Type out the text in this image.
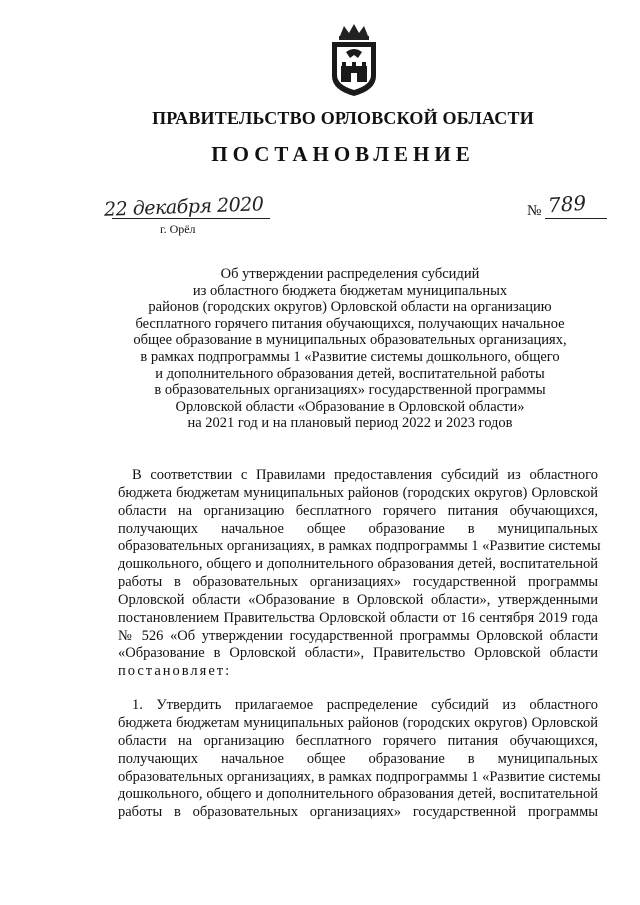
ПРАВИТЕЛЬСТВО ОРЛОВСКОЙ ОБЛАСТИ
ПОСТАНОВЛЕНИЕ
22 декабря 2020
г. Орёл
№ 789
Об утверждении распределения субсидий
из областного бюджета бюджетам муниципальных
районов (городских округов) Орловской области на организацию
бесплатного горячего питания обучающихся, получающих начальное
общее образование в муниципальных образовательных организациях,
в рамках подпрограммы 1 «Развитие системы дошкольного, общего
и дополнительного образования детей, воспитательной работы
в образовательных организациях» государственной программы
Орловской области «Образование в Орловской области»
на 2021 год и на плановый период 2022 и 2023 годов
В соответствии с Правилами предоставления субсидий из областного
бюджета бюджетам муниципальных районов (городских округов) Орловской
области на организацию бесплатного горячего питания обучающихся,
получающих начальное общее образование в муниципальных
образовательных организациях, в рамках подпрограммы 1 «Развитие системы
дошкольного, общего и дополнительного образования детей, воспитательной
работы в образовательных организациях» государственной программы
Орловской области «Образование в Орловской области», утвержденными
постановлением Правительства Орловской области от 16 сентября 2019 года
№ 526 «Об утверждении государственной программы Орловской области
«Образование в Орловской области», Правительство Орловской области
постановляет:
1. Утвердить прилагаемое распределение субсидий из областного
бюджета бюджетам муниципальных районов (городских округов) Орловской
области на организацию бесплатного горячего питания обучающихся,
получающих начальное общее образование в муниципальных
образовательных организациях, в рамках подпрограммы 1 «Развитие системы
дошкольного, общего и дополнительного образования детей, воспитательной
работы в образовательных организациях» государственной программы
